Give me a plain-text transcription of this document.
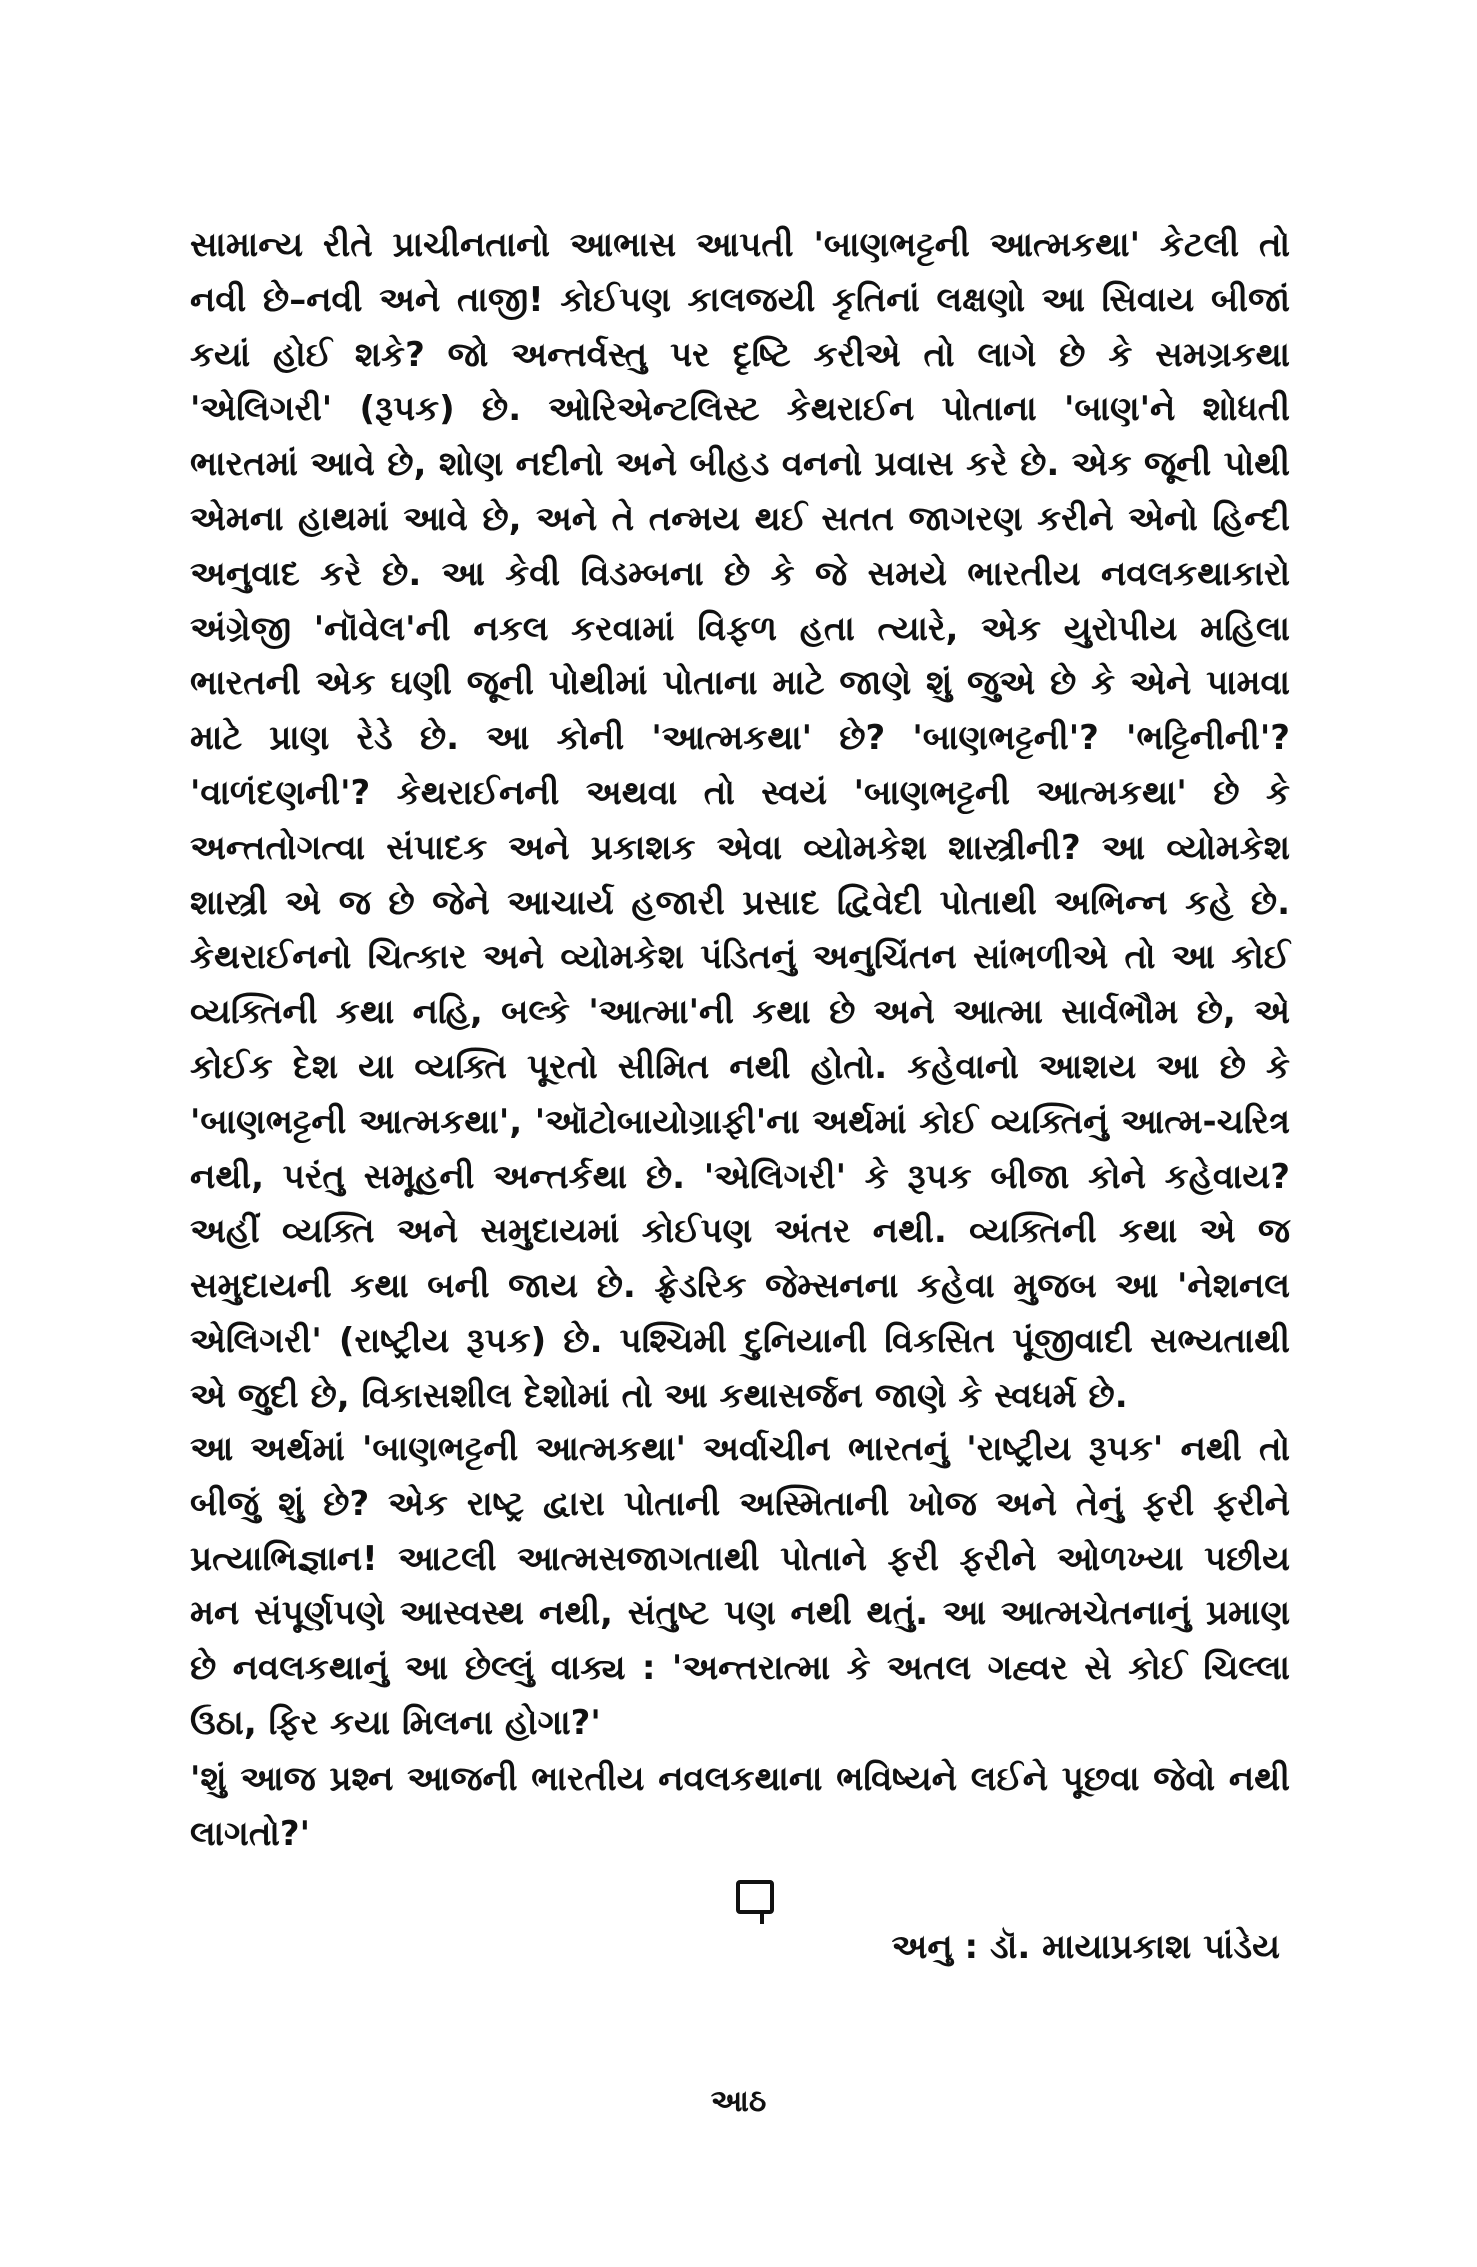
સામાન્ય રીતે પ્રાચીનતાનો આભાસ આપતી 'બાણભટ્ટની આત્મકથા' કેટલી તો નવી છે–નવી અને તાજી! કોઈપણ કાલજયી કૃતિનાં લક્ષણો આ સિવાય બીજાં કયાં હોઈ શકે? જો અન્તર્વસ્તુ પર દૃષ્ટિ કરીએ તો લાગે છે કે સમગ્રકથા 'એલિગરી' (રૂપક) છે. ઓરિએન્ટલિસ્ટ કેથરાઈન પોતાના 'બાણ'ને શોધતી ભારતમાં આવે છે, શોણ નદીનો અને બીહડ વનનો પ્રવાસ કરે છે. એક જૂની પોથી એમના હાથમાં આવે છે, અને તે તન્મય થઈ સતત જાગરણ કરીને એનો હિન્દી અનુવાદ કરે છે. આ કેવી વિડમ્બના છે કે જે સમયે ભારતીય નવલકથાકારો અંગ્રેજી 'નૉવેલ'ની નકલ કરવામાં વિફળ હતા ત્યારે, એક યુરોપીય મહિલા ભારતની એક ઘણી જૂની પોથીમાં પોતાના માટે જાણે શું જુએ છે કે એને પામવા માટે પ્રાણ રેડે છે. આ કોની 'આત્મકથા' છે? 'બાણભટ્ટની'? 'ભટ્ટિનીની'? 'વાળંદણની'? કેથરાઈનની અથવા તો સ્વયં 'બાણભટ્ટની આત્મકથા' છે કે અન્તતોગત્વા સંપાદક અને પ્રકાશક એવા વ્યોમકેશ શાસ્ત્રીની? આ વ્યોમકેશ શાસ્ત્રી એ જ છે જેને આચાર્ય હજારી પ્રસાદ દ્વિવેદી પોતાથી અભિન્ન કહે છે. કેથરાઈનનો ચિત્કાર અને વ્યોમકેશ પંડિતનું અનુચિંતન સાંભળીએ તો આ કોઈ વ્યક્તિની કથા નહિ, બલ્કે 'આત્મા'ની કથા છે અને આત્મા સાર્વભૌમ છે, એ કોઈક દેશ યા વ્યક્તિ પૂરતો સીમિત નથી હોતો. કહેવાનો આશય આ છે કે 'બાણભટ્ટની આત્મકથા', 'ઑટોબાયોગ્રાફી'ના અર્થમાં કોઈ વ્યક્તિનું આત્મ-ચરિત્ર નથી, પરંતુ સમૂહની અન્તર્કથા છે. 'એલિગરી' કે રૂપક બીજા કોને કહેવાય? અહીં વ્યક્તિ અને સમુદાયમાં કોઈપણ અંતર નથી. વ્યક્તિની કથા એ જ સમુદાયની કથા બની જાય છે. ફ્રેડરિક જેમ્સનના કહેવા મુજબ આ 'નેશનલ એલિગરી' (રાષ્ટ્રીય રૂપક) છે. પશ્ચિમી દુનિયાની વિકસિત પૂંજીવાદી સભ્યતાથી એ જુદી છે, વિકાસશીલ દેશોમાં તો આ કથાસર્જન જાણે કે સ્વધર્મ છે.

આ અર્થમાં 'બાણભટ્ટની આત્મકથા' અર્વાચીન ભારતનું 'રાષ્ટ્રીય રૂપક' નથી તો બીજું શું છે? એક રાષ્ટ્ર દ્વારા પોતાની અસ્મિતાની ખોજ અને તેનું ફરી ફરીને પ્રત્યાભિજ્ઞાન! આટલી આત્મસજાગતાથી પોતાને ફરી ફરીને ઓળખ્યા પછીય મન સંપૂર્ણપણે આસ્વસ્થ નથી, સંતુષ્ટ પણ નથી થતું. આ આત્મચેતનાનું પ્રમાણ છે નવલકથાનું આ છેલ્લું વાક્ય : 'અન્તરાત્મા કે અતલ ગહ્વર સે કોઈ ચિલ્લા ઉઠા, ફિર કયા મિલના હોગા?'

'શું આજ પ્રશ્ન આજની ભારતીય નવલકથાના ભવિષ્યને લઈને પૂછવા જેવો નથી લાગતો?'

અનુ : ડૉ. માયાપ્રકાશ પાંડેય
આઠ
